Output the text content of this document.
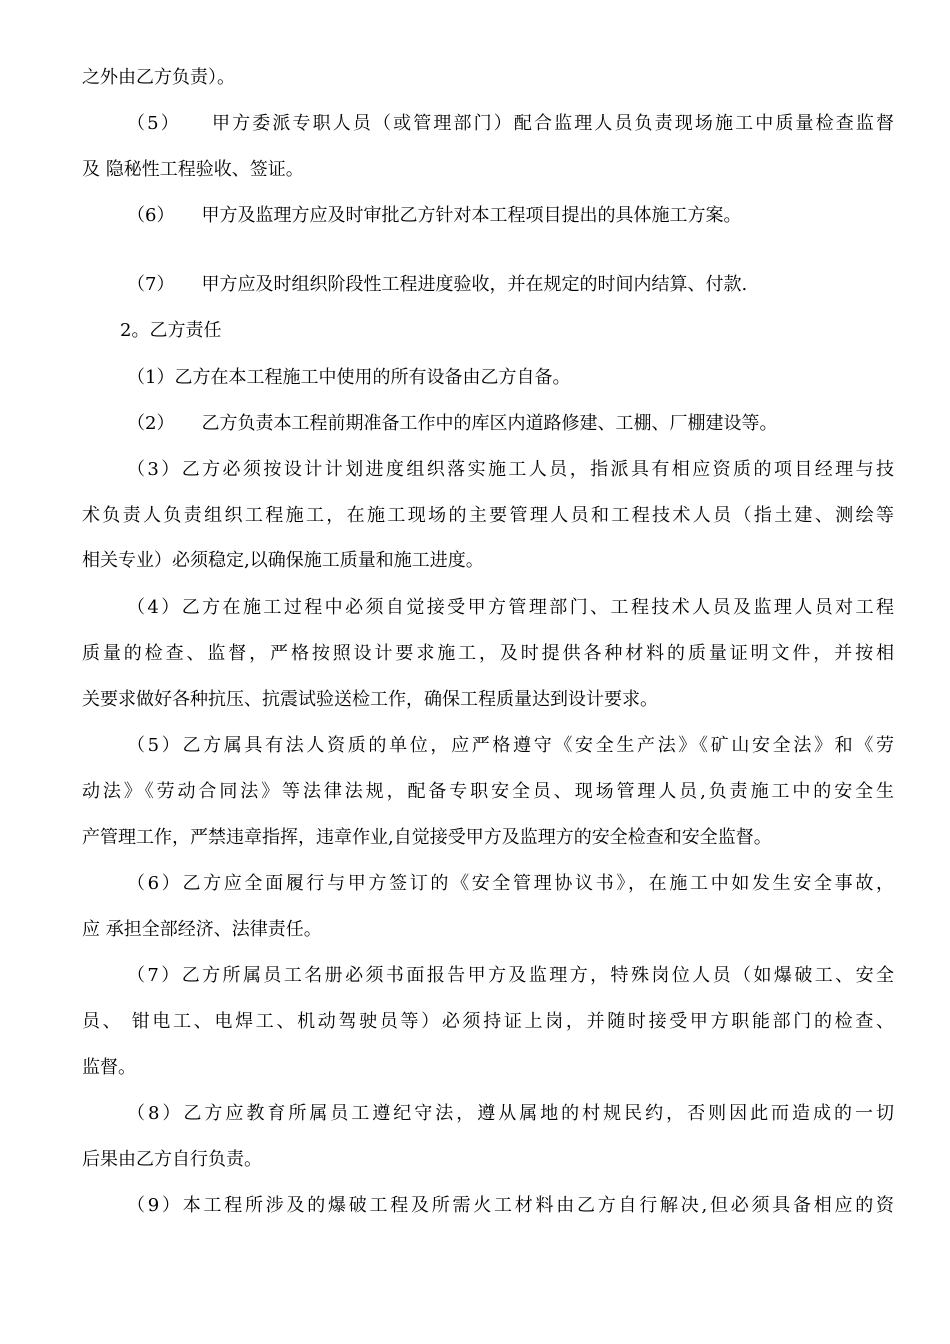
之外由乙方负责）。
（5）　　甲方委派专职人员（或管理部门）配合监理人员负责现场施工中质量检查监督
及 隐秘性工程验收、签证。
（6）　　甲方及监理方应及时审批乙方针对本工程项目提出的具体施工方案。
（7）　　甲方应及时组织阶段性工程进度验收，并在规定的时间内结算、付款.
2。乙方责任
（1）乙方在本工程施工中使用的所有设备由乙方自备。
（2）　　乙方负责本工程前期准备工作中的库区内道路修建、工棚、厂棚建设等。
（3）乙方必须按设计计划进度组织落实施工人员，指派具有相应资质的项目经理与技
术负责人负责组织工程施工，在施工现场的主要管理人员和工程技术人员（指土建、测绘等
相关专业）必须稳定,以确保施工质量和施工进度。
（4）乙方在施工过程中必须自觉接受甲方管理部门、工程技术人员及监理人员对工程
质量的检查、监督，严格按照设计要求施工，及时提供各种材料的质量证明文件，并按相
关要求做好各种抗压、抗震试验送检工作，确保工程质量达到设计要求。
（5）乙方属具有法人资质的单位，应严格遵守《安全生产法》《矿山安全法》和《劳
动法》《劳动合同法》等法律法规，配备专职安全员、现场管理人员,负责施工中的安全生
产管理工作，严禁违章指挥，违章作业,自觉接受甲方及监理方的安全检查和安全监督。
（6）乙方应全面履行与甲方签订的《安全管理协议书》，在施工中如发生安全事故，
应 承担全部经济、法律责任。
（7）乙方所属员工名册必须书面报告甲方及监理方，特殊岗位人员（如爆破工、安全
员、 钳电工、电焊工、机动驾驶员等）必须持证上岗，并随时接受甲方职能部门的检查、
监督。
（8）乙方应教育所属员工遵纪守法，遵从属地的村规民约，否则因此而造成的一切
后果由乙方自行负责。
（9）本工程所涉及的爆破工程及所需火工材料由乙方自行解决,但必须具备相应的资
